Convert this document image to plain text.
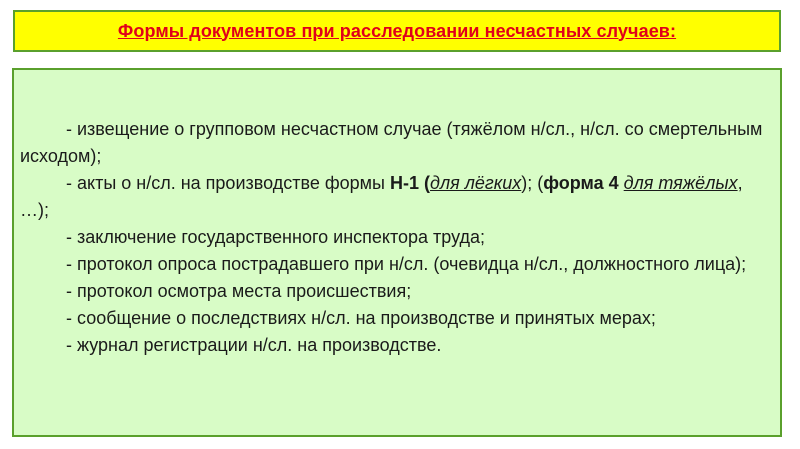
Формы документов при расследовании несчастных случаев:

- извещение о групповом несчастном случае (тяжёлом н/сл., н/сл. со смертельным исходом);

- акты о н/сл. на производстве формы Н-1 (для лёгких); (форма 4 для тяжёлых, …);

- заключение государственного инспектора труда;

- протокол опроса пострадавшего при н/сл. (очевидца н/сл., должностного лица);

- протокол осмотра места происшествия;

- сообщение о последствиях н/сл. на производстве и принятых мерах;

- журнал регистрации н/сл. на производстве.
